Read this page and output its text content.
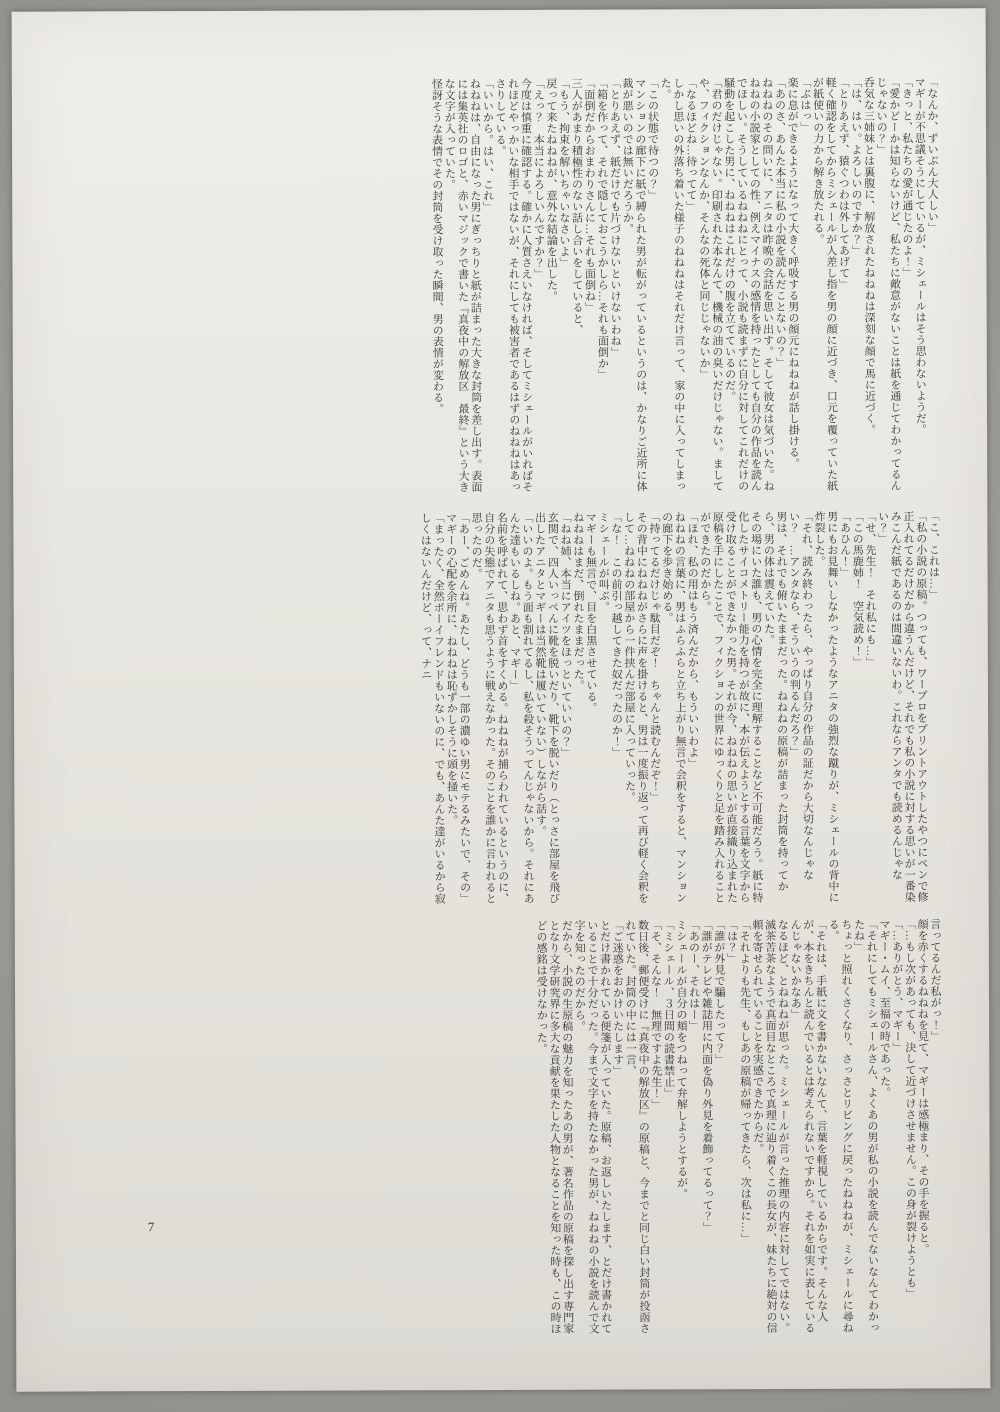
「なんか、ずいぶん大人しい」
マギーが不思議そうにしているが、ミシェールはそう思わないようだ。
「きっと、私たちの愛が通じたのよ！」
「愛かどーかは知らないけど、私たちに敵意がないことは紙を通じてわかってるんじゃないの？」
呑気な三姉妹とは裏腹に、解放されたねねねは深刻な顔で馬に近づく。
「は、はい。よろしいのですか？」
「とりあえず、猿ぐつわは外してあげて」
軽く確認をしてからミシェールが人差し指を男の顔に近づき、口元を覆っていた紙が紙使いの力から解き放たれる。
「ぷはっ」
楽に息ができるようになって大きく呼吸する男の顔元にねねねが話し掛ける。
「あのさ、あんた本当に私の小説を読んだことないの？」
ねねねのその問いに、アニタは昨晩の会話を思い出す。そして彼女は気づいた。ねねねの小説家としての性、例えマイナスの感情を持ったとしても自分の作品を読んでほしい。そうしているねねねにとって、小説も読まずに自分に対してこれだけの騒動を起こした男に、ねねねはこれだけの腹を立てているのだ。
「君のだけじゃない。印刷された本なんて、機械の油の臭いだけじゃない。ましてや、フィクションなんか、そんなの死体と同じじゃないか」
「なるほどね…待ってて」
しかし思いの外落ち着いた様子のねねねはそれだけ言って、家の中に入ってしまった。
「この状態で待つの？」
マンションの廊下に紙で縛られた男が転がっているというのは、かなりご近所に体裁が悪いのでは無いだろうか。
「とりあえず、紙だけでも片づけないといけないわね」
「箱を作って、それで隠しておこうかしら…それも面倒か」
「面倒だからおまわりさんに…それも面倒ね」
三人があまり積極性のない話し合いをしていると、
「もう、拘束を解いちゃいなさいよ」
戻って来たねねねが、意外な結論を出した。
「えっ？　本当によろしいんですか？」
今度は慎重に確認する。確かに人質さえいなければ、そしてミシェールがいればそれほどやっかいな相手ではないが、それにしても被害者であるはずのねねねはあっさりしている。
「いいから。はい、これ」
ねねねは、自由になった男にぎっちりと紙が詰まった大きな封筒を差し出す。表面には集英社のロゴと、赤いマジックで書いた『真夜中の解放区　最終』という大きな文字が入っていた。
怪訝そうな表情でその封筒を受け取った瞬間、男の表情が変わる。
「こ、これは…」
「私の小説の原稿。つっても、ワープロをプリントアウトしたやつにペンで修正入れてるだけだから違うんだけど、それでも私の小説に対する思いが一番染みこんだ紙であるのは間違いないわ。これならアンタでも読めるんじゃない？」
「せ、先生！　それ私にも…」
「この馬鹿姉！　空気読め！」
「あひん！」
男にもお見舞いしなかったようなアニタの強烈な蹴りが、ミシェールの背中に炸裂した。
「それ、読み終わったら、やっぱり自分の作品の証だから大切なんじゃない？　…アンタなら、そういうの判るんだろ？」
男は、それでも俯いたままだった。ねねねの原稿が詰まった封筒を持ってから、男の体は震えていた。
その場にいた誰も、男の心情を完全に理解することなど不可能だろう。紙に特化したサイコメトリー能力を持つが故に、本が伝えようとする言葉を文字から受け取ることができなかった男。それが今、ねねねの思いが直接織り込まれた原稿を手にしたことで、フィクションの世界にゆっくりと足を踏み入れることができたのだから。
「ほれ、私の用はもう済んだから、もういいわよ」
ねねねの言葉に、男はふらふらと立ち上がり無言で会釈をすると、マンションの廊下を歩き始める。
「持ってるだけじゃ駄目だぞ！　ちゃんと読むんだぞ！」
その背中にねねねがさらに声を掛けると、男は一度振り返って再び軽く会釈をして…ねねねの部屋から一件挟んだ部屋に入っていった。
「な！　この前引っ越してきた奴だったのか！」
ミシェールが叫ぶ。
マギーも無言で、目を白黒させている。
ねねねはまだ、倒れたままだった。
「ねね姉、本当にアイツをほっといていいの？」
玄関で、四人いっぺんに靴を脱いだり、靴下を脱いだり（とっさに部屋を飛び出したアニタとマギーは当然靴は履いていない）しながら話す。
「いいのよ。もう面も割れてるし、私を殺そうってんじゃないから。それにあんた達もいるしね。あと、マギー」
名前を呼ばれて、思わず首をすくめる。ねねねが捕らわれているというのに、自分の失態でアニタも思うように戦えなかった。そのことを誰かに言われると思ったのだ。
「あー、ごめんね。あたし、どうも一部の濃ゆい男にモテるみたいで、その」
マギーの心配を余所に、ねねねは恥ずかしそうに頭を掻いた。
「まったく、全然ボーイフレンドもいないのに、でも、あんた達がいるから寂しくはないんだけど、って、ナニ
言ってるんだ私がっ！」
顔を赤くするねねねを見て、マギーは感極まり、その手を握ると。
「…もし次があっても、決して近づけさせません。この身が裂けようとも」
「…ありがとう、マギー」
マギー・ムイ、至福の時であった。
「それにしてもミシェールさん、よくあの男が私の小説を読んでないなんてわかったね」
ちょっと照れくさくなり、さっさとリビングに戻ったねねねが、ミシェールに尋ねる。
「それは、手紙に文を書かないなんて、言葉を軽視しているからです。そんな人が、本をきちんと読んでいるとは考えられないですから。それを如実に表しているんじゃないかなあ」
なるほど、とねねねが思った。ミシェールが言った推理の内容に対してではない。滅茶苦茶なようで真面目なところで真理に辿り着くこの長女が、妹たちに絶対の信頼を寄せられていることを実感できたからだ。
「それよりも先生、もしあの原稿が帰ってきたら、次は私に…」
「は？」
「誰が外見で騙したって？」
「誰がテレビや雑誌用に内面を偽り外見を着飾ってるって？」
「あのー、それはー」
ミシェールが自分の頬をつねって弁解しようとするが。
「ミシェール、３日間の読書禁止」
「そ、そんな！　無理ですよ先生！」
数日後、郵便受けに『真夜中の解放区』の原稿と、今までと同じ白い封筒が投函されていた。封筒の中には一言、
「ご迷惑をおかけいたします」
とだけ書かれている便箋が入っていた。原稿、お返しいたします、とだけ書かれていることで十分だった。今まで文字を持たなかった男が、ねねねの小説を読んで文字を知ったのだから。
だから、小説の生原稿の魅力を知ったあの男が、著名作品の原稿を探し出す専門家となり文学研究界に多大な貢献を果たした人物となることを知った時も、この時ほどの感銘は受けなかった。
7
